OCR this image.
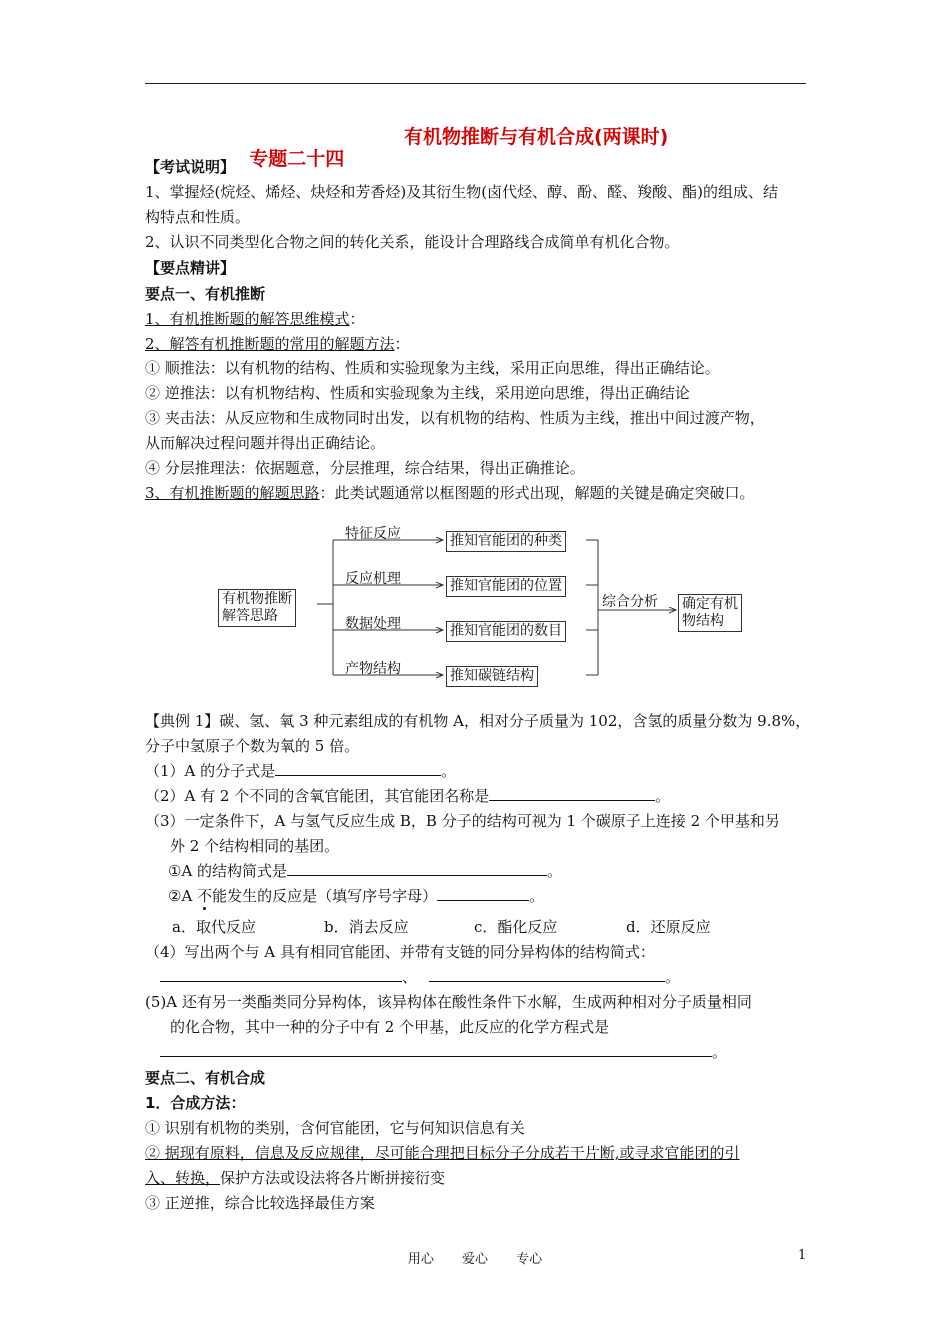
专题二十四

有机物推断与有机合成(两课时)

【考试说明】
1、掌握烃(烷烃、烯烃、炔烃和芳香烃)及其衍生物(卤代烃、醇、酚、醛、羧酸、酯)的组成、结
构特点和性质。
2、认识不同类型化合物之间的转化关系，能设计合理路线合成简单有机化合物。
【要点精讲】
要点一、有机推断
1、有机推断题的解答思维模式：
2、解答有机推断题的常用的解题方法：
① 顺推法：以有机物的结构、性质和实验现象为主线，采用正向思维，得出正确结论。
② 逆推法：以有机物结构、性质和实验现象为主线，采用逆向思维，得出正确结论
③ 夹击法：从反应物和生成物同时出发，以有机物的结构、性质为主线，推出中间过渡产物，
从而解决过程问题并得出正确结论。
④ 分层推理法：依据题意，分层推理，综合结果，得出正确推论。
3、有机推断题的解题思路：此类试题通常以框图题的形式出现，解题的关键是确定突破口。
有机物推断
解答思路
特征反应
反应机理
数据处理
产物结构
推知官能团的种类
推知官能团的位置
推知官能团的数目
推知碳链结构
综合分析 确定有机
物结构
【典例 1】碳、氢、氧 3 种元素组成的有机物 A，相对分子质量为 102，含氢的质量分数为 9.8%，
分子中氢原子个数为氧的 5 倍。
（1）A 的分子式是	。
（2）A 有 2 个不同的含氧官能团，其官能团名称是	。
（3）一定条件下，A 与氢气反应生成 B，B 分子的结构可视为 1 个碳原子上连接 2 个甲基和另
外 2 个结构相同的基团。
①A 的结构简式是	。
②A 不能发生的反应是（填写序号字母）	。
a．取代反应	b．消去反应	c．酯化反应	d．还原反应
（4）写出两个与 A 具有相同官能团、并带有支链的同分异构体的结构简式：
、	。
(5)A 还有另一类酯类同分异构体，该异构体在酸性条件下水解，生成两种相对分子质量相同
的化合物，其中一种的分子中有 2 个甲基，此反应的化学方程式是
。
要点二、有机合成
1．合成方法：
① 识别有机物的类别，含何官能团，它与何知识信息有关
② 据现有原料，信息及反应规律，尽可能合理把目标分子分成若干片断,或寻求官能团的引
入、转换，保护方法或设法将各片断拼接衍变
③ 正逆推，综合比较选择最佳方案
用心 爱心 专心	1
